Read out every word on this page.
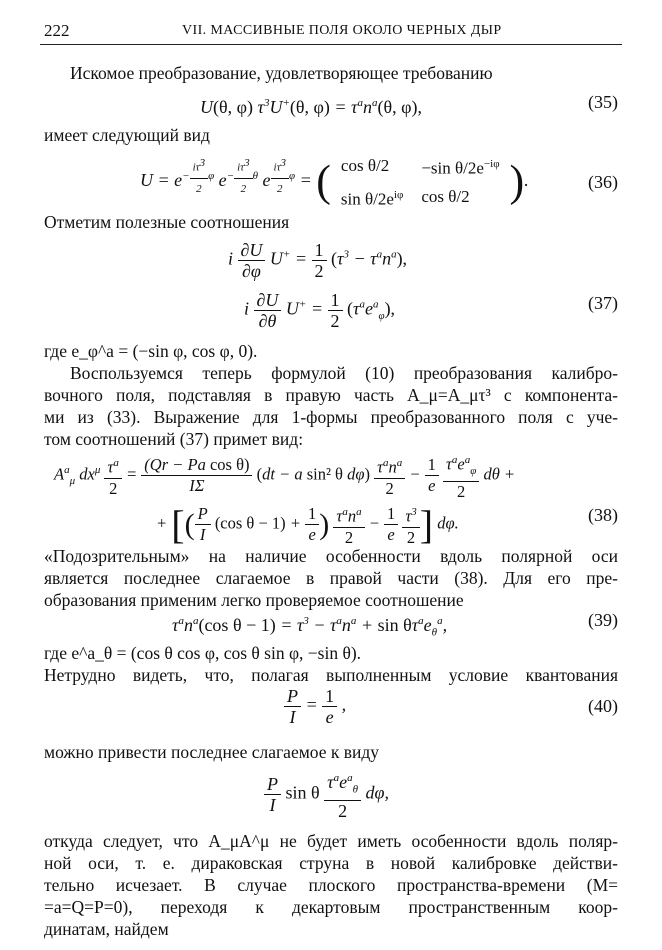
222	VII. МАССИВНЫЕ ПОЛЯ ОКОЛО ЧЕРНЫХ ДЫР
Искомое преобразование, удовлетворяющее требованию
U(θ, φ) $\tau^3U^+(\theta$, $\varphi) = \tau^an^a(\theta$, φ),	(35)
имеет следующий вид
$U = e^{- \frac{i\tau^3}{2} \varphi}$ $e^{- \frac{i\tau^3}{2} \theta}$ e $^{\frac{i\tau^3}{2} \varphi}$ = ( cos θ/2	−sin $\theta/2e^{-i\varphi}$
$\sin \theta/2e^{i\varphi}$	cos θ/2 ).	(36)
Отметим полезные соотношения
i $\frac{\partial U}{\partial\varphi} U^+ = \frac{1}{2} (\tau^3 - \tau^an^a)$,
i $\frac{\partial U}{\partial\theta} U^+ = \frac{1}{2} (\tau^ae^a_\varphi)$,	(37)
где e_φ^a = (−sin φ, cos φ, 0).
Воспользуемся теперь формулой (10) преобразования калибро-
вочного поля, подставляя в правую часть A_μ=A_μτ³ с компонента-
ми из (33). Выражение для 1-формы преобразованного поля с уче-
том соотношений (37) примет вид:
$A^a_\mu$ $dx^\mu \frac{\tau^a}{2} = \frac{\text{(Qr − Pa cos θ)}}{I\Sigma} (dt - a$ sin² θ $d\varphi) \frac{\tau^an^a}{2} - \frac{1}{e}$
$\frac{\tau^ae^a_\varphi}{2}$ dθ +
+ [( $\frac{P}{I} (\cos$ $\theta - 1) + \frac{1}{e}$ ) $\frac{\tau^an^a}{2} - \frac{1}{e}$
$\frac{\tau^3}{2}$ ] dφ.	(38)
«Подозрительным» на наличие особенности вдоль полярной оси
является последнее слагаемое в правой части (38). Для его пре-
образования применим легко проверяемое соотношение
$\tau^an^a(\cos$ $\theta - 1) = \tau^3 - \tau^an^a + \sin \theta\tau^ae_\theta^a$,	(39)
где e^a_θ = (cos θ cos φ, cos θ sin φ, −sin θ).
Нетрудно видеть, что, полагая выполненным условие квантования
$\frac{P}{I} = \frac{1}{e}$ ,	(40)
можно привести последнее слагаемое к виду
$\frac{P}{I}$ sin θ $\frac{\tau^ae^a_\theta}{2} d\varphi$,
откуда следует, что A_μA^μ не будет иметь особенности вдоль поляр-
ной оси, т. е. дираковская струна в новой калибровке действи-
тельно исчезает. В случае плоского пространства-времени (M=
=a=Q=P=0), переходя к декартовым пространственным коор-
динатам, найдем
